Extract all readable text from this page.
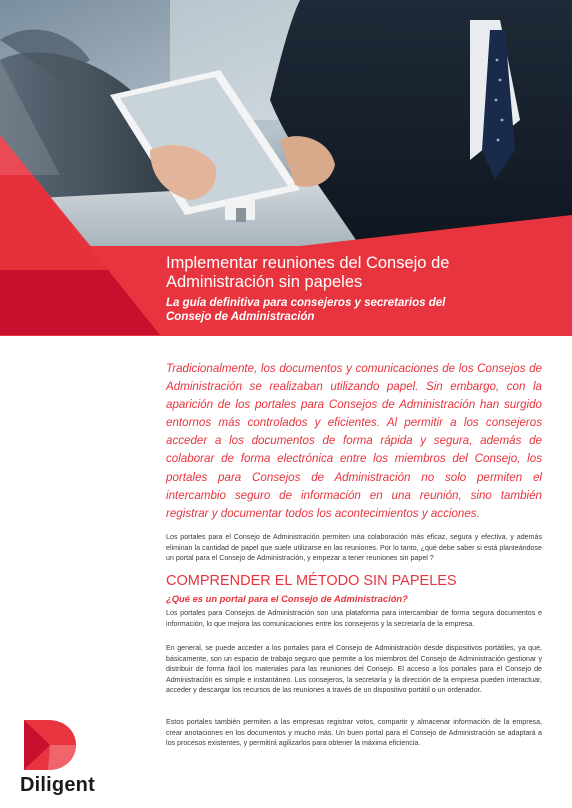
Implementar reuniones del Consejo de
Administración sin papeles
La guía definitiva para consejeros y secretarios del
Consejo de Administración

Tradicionalmente, los documentos y comunicaciones de los Consejos de Administración se realizaban utilizando papel. Sin embargo, con la aparición de los portales para Consejos de Administración han surgido entornos más controlados y eficientes. Al permitir a los consejeros acceder a los documentos de forma rápida y segura, además de colaborar de forma electrónica entre los miembros del Consejo, los portales para Consejos de Administración no solo permiten el intercambio seguro de información en una reunión, sino también registrar y documentar todos los acontecimientos y acciones.

Los portales para el Consejo de Administración permiten una colaboración más eficaz, segura y efectiva, y además eliminan la cantidad de papel que suele utilizarse en las reuniones. Por lo tanto, ¿qué debe saber si está planteándose un portal para el Consejo de Administración, y empezar a tener reuniones sin papel ?

COMPRENDER EL MÉTODO SIN PAPELES
¿Qué es un portal para el Consejo de Administración?

Los portales para Consejos de Administración son una plataforma para intercambiar de forma segura documentos e información, lo que mejora las comunicaciones entre los consejeros y la secretaría de la empresa.

En general, se puede acceder a los portales para el Consejo de Administración desde dispositivos portátiles, ya que, básicamente, son un espacio de trabajo seguro que permite a los miembros del Consejo de Administración gestionar y distribuir de forma fácil los materiales para las reuniones del Consejo. El acceso a los portales para el Consejo de Administración es simple e instantáneo. Los consejeros, la secretaría y la dirección de la empresa pueden interactuar, acceder y descargar los recursos de las reuniones a través de un dispositivo portátil o un ordenador.

Estos portales también permiten a las empresas registrar votos, compartir y almacenar información de la empresa, crear anotaciones en los documentos y mucho más. Un buen portal para el Consejo de Administración se adaptará a los procesos existentes, y permitirá agilizarlos para obtener la máxima eficiencia.

Diligent
